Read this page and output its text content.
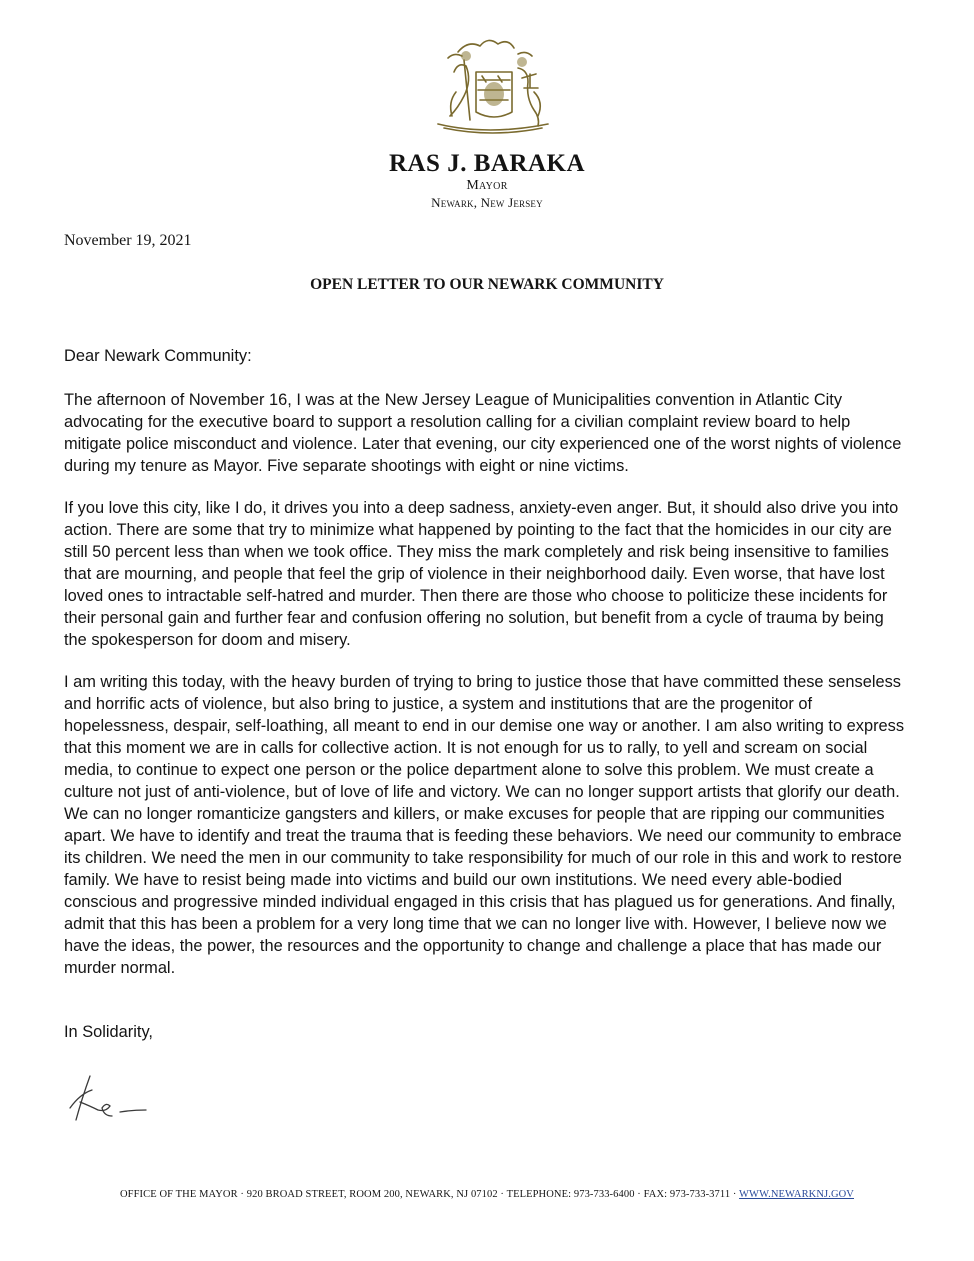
RAS J. BARAKA
Mayor
Newark, New Jersey
November 19, 2021
OPEN LETTER TO OUR NEWARK COMMUNITY

Dear Newark Community:

The afternoon of November 16, I was at the New Jersey League of Municipalities convention in Atlantic City advocating for the executive board to support a resolution calling for a civilian complaint review board to help mitigate police misconduct and violence. Later that evening, our city experienced one of the worst nights of violence during my tenure as Mayor. Five separate shootings with eight or nine victims.

If you love this city, like I do, it drives you into a deep sadness, anxiety-even anger. But, it should also drive you into action. There are some that try to minimize what happened by pointing to the fact that the homicides in our city are still 50 percent less than when we took office. They miss the mark completely and risk being insensitive to families that are mourning, and people that feel the grip of violence in their neighborhood daily. Even worse, that have lost loved ones to intractable self-hatred and murder. Then there are those who choose to politicize these incidents for their personal gain and further fear and confusion offering no solution, but benefit from a cycle of trauma by being the spokesperson for doom and misery.

I am writing this today, with the heavy burden of trying to bring to justice those that have committed these senseless and horrific acts of violence, but also bring to justice, a system and institutions that are the progenitor of hopelessness, despair, self-loathing, all meant to end in our demise one way or another. I am also writing to express that this moment we are in calls for collective action. It is not enough for us to rally, to yell and scream on social media, to continue to expect one person or the police department alone to solve this problem. We must create a culture not just of anti-violence, but of love of life and victory. We can no longer support artists that glorify our death. We can no longer romanticize gangsters and killers, or make excuses for people that are ripping our communities apart. We have to identify and treat the trauma that is feeding these behaviors. We need our community to embrace its children. We need the men in our community to take responsibility for much of our role in this and work to restore family. We have to resist being made into victims and build our own institutions. We need every able-bodied conscious and progressive minded individual engaged in this crisis that has plagued us for generations. And finally, admit that this has been a problem for a very long time that we can no longer live with. However, I believe now we have the ideas, the power, the resources and the opportunity to change and challenge a place that has made our murder normal.

In Solidarity,
OFFICE OF THE MAYOR · 920 BROAD STREET, ROOM 200, NEWARK, NJ 07102 · TELEPHONE: 973-733-6400 · FAX: 973-733-3711 · WWW.NEWARKNJ.GOV
